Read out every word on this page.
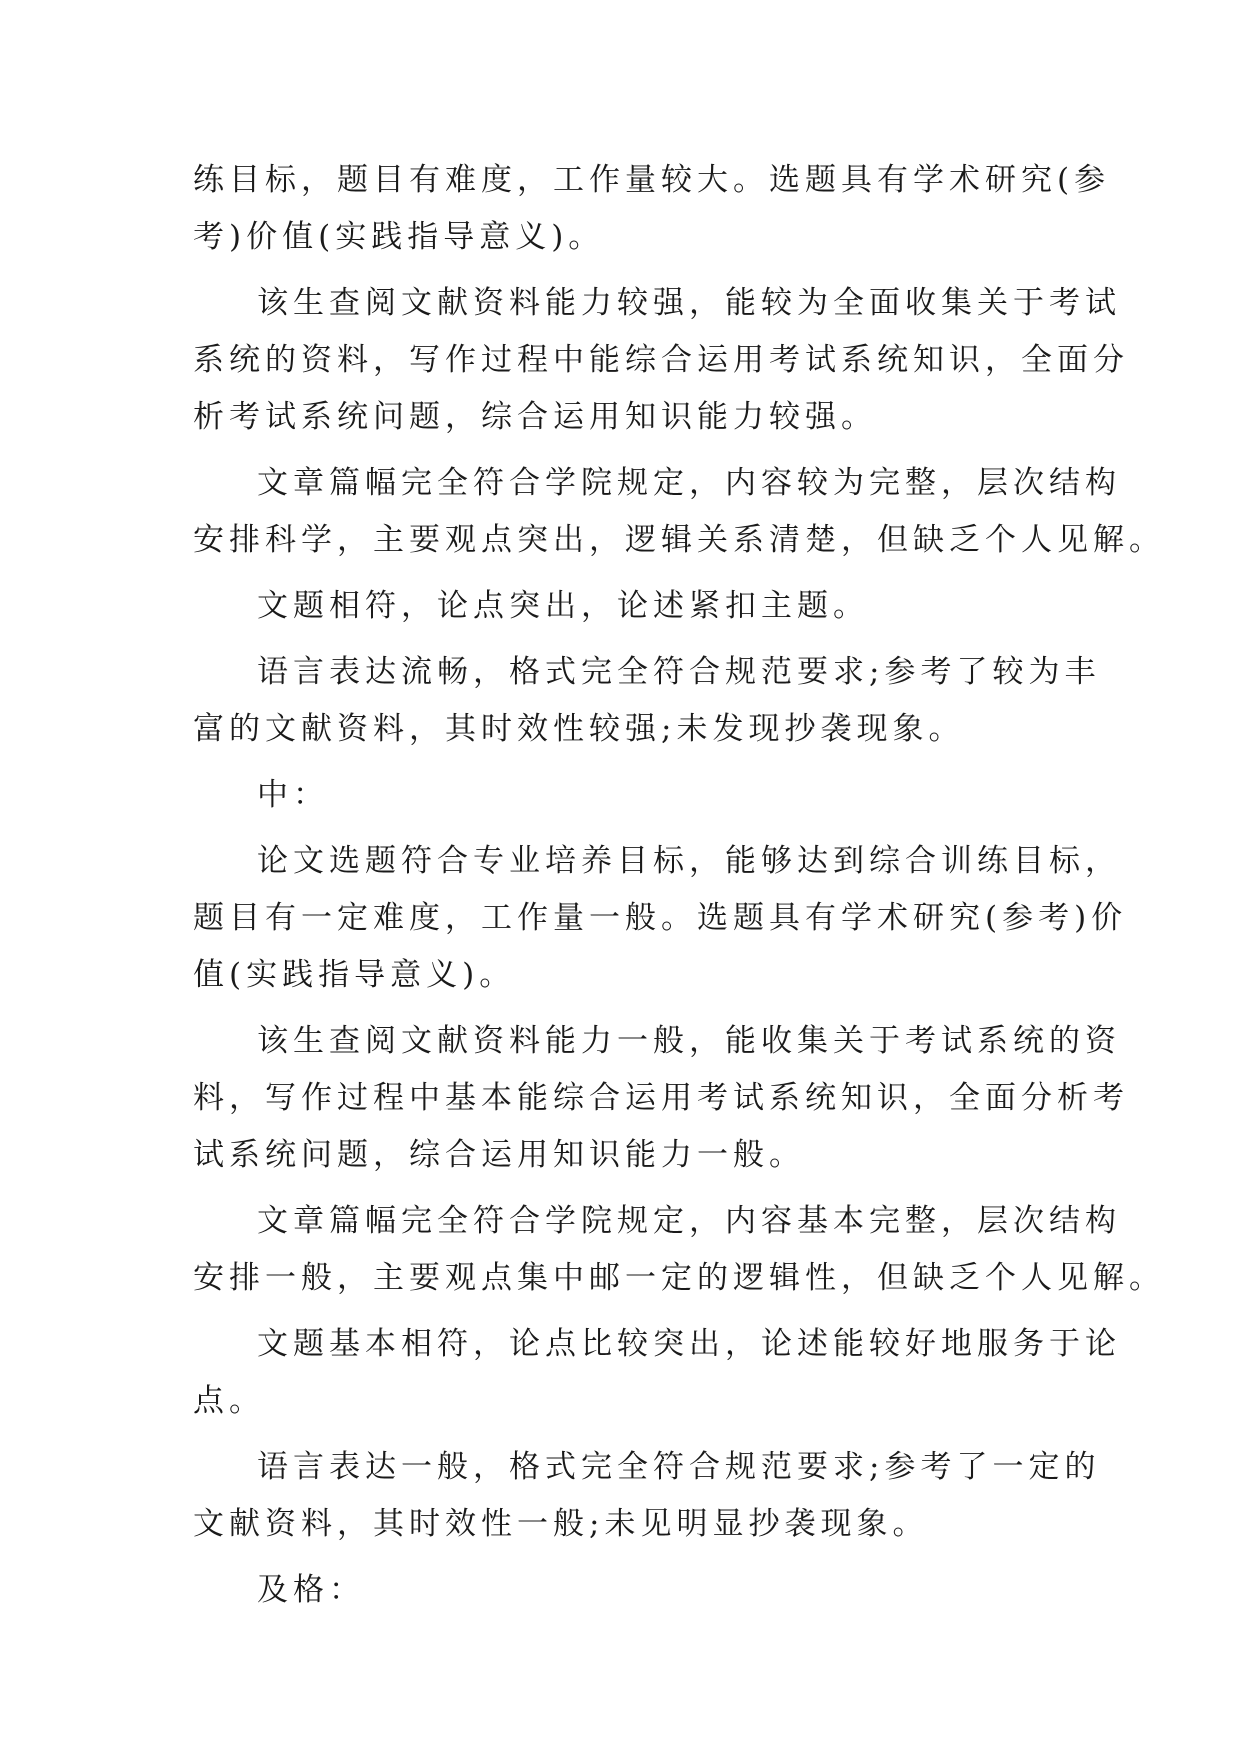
练目标，题目有难度，工作量较大。选题具有学术研究(参
考)价值(实践指导意义)。
该生查阅文献资料能力较强，能较为全面收集关于考试
系统的资料，写作过程中能综合运用考试系统知识，全面分
析考试系统问题，综合运用知识能力较强。
文章篇幅完全符合学院规定，内容较为完整，层次结构
安排科学，主要观点突出，逻辑关系清楚，但缺乏个人见解。
文题相符，论点突出，论述紧扣主题。
语言表达流畅，格式完全符合规范要求;参考了较为丰
富的文献资料，其时效性较强;未发现抄袭现象。
中：
论文选题符合专业培养目标，能够达到综合训练目标，
题目有一定难度，工作量一般。选题具有学术研究(参考)价
值(实践指导意义)。
该生查阅文献资料能力一般，能收集关于考试系统的资
料，写作过程中基本能综合运用考试系统知识，全面分析考
试系统问题，综合运用知识能力一般。
文章篇幅完全符合学院规定，内容基本完整，层次结构
安排一般，主要观点集中邮一定的逻辑性，但缺乏个人见解。
文题基本相符，论点比较突出，论述能较好地服务于论
点。
语言表达一般，格式完全符合规范要求;参考了一定的
文献资料，其时效性一般;未见明显抄袭现象。
及格：
